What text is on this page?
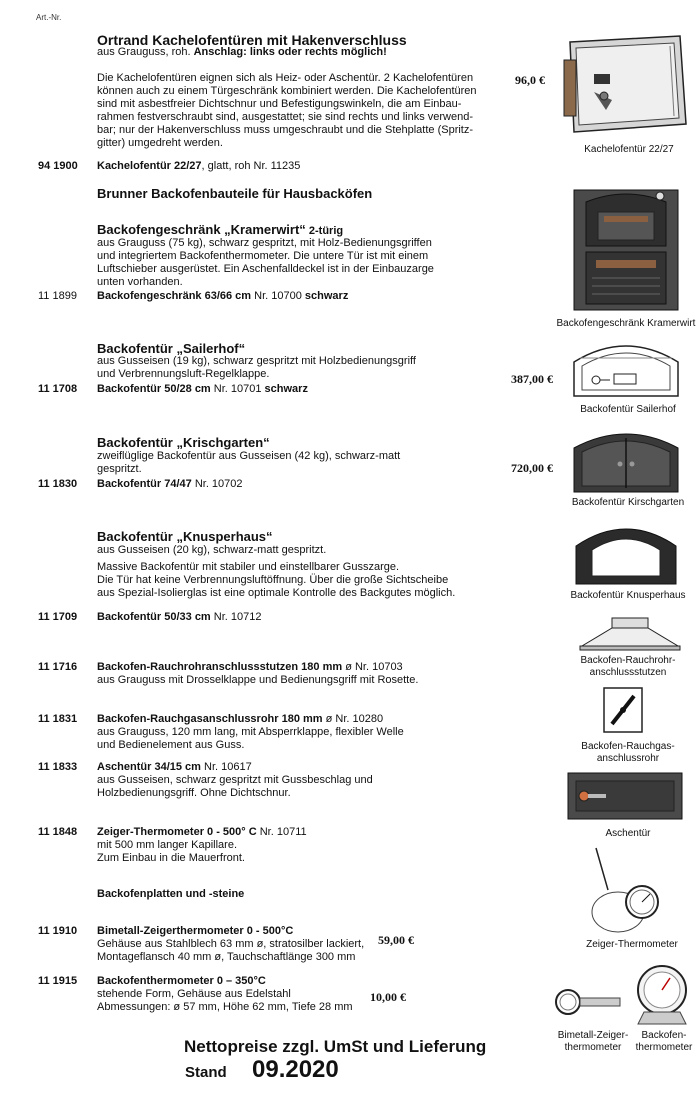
Art.-Nr.
Ortrand Kachelofentüren mit Hakenverschluss
aus Grauguss, roh. Anschlag: links oder rechts möglich!
Die Kachelofentüren eignen sich als Heiz- oder Aschentür. 2 Kachelofentüren
können auch zu einem Türgeschränk kombiniert werden. Die Kachelofentüren
sind mit asbestfreier Dichtschnur und Befestigungswinkeln, die am Einbau-
rahmen festverschraubt sind, ausgestattet; sie sind rechts und links verwend-
bar; nur der Hakenverschluss muss umgeschraubt und die Stehplatte (Spritz-
gitter) umgedreht werden.
96,0 €
Kachelofentür 22/27
94 1900 Kachelofentür 22/27, glatt, roh Nr. 11235
Brunner Backofenbauteile für Hausbacköfen
Backofengeschränk „Kramerwirt“ 2-türig
aus Grauguss (75 kg), schwarz gespritzt, mit Holz-Bedienungsgriffen
und integriertem Backofenthermometer. Die untere Tür ist mit einem
Luftschieber ausgerüstet. Ein Aschenfalldeckel ist in der Einbauzarge
unten vorhanden.
11 1899 Backofengeschränk 63/66 cm Nr. 10700 schwarz
Backofengeschränk Kramerwirt
Backofentür „Sailerhof“
aus Gusseisen (19 kg), schwarz gespritzt mit Holzbedienungsgriff
und Verbrennungsluft-Regelklappe.
11 1708 Backofentür 50/28 cm Nr. 10701 schwarz
387,00 €
Backofentür Sailerhof
Backofentür „Krischgarten“
zweiflüglige Backofentür aus Gusseisen (42 kg), schwarz-matt
gespritzt.
11 1830 Backofentür 74/47 Nr. 10702
720,00 €
Backofentür Kirschgarten
Backofentür „Knusperhaus“
aus Gusseisen (20 kg), schwarz-matt gespritzt.
Massive Backofentür mit stabiler und einstellbarer Gusszarge.
Die Tür hat keine Verbrennungsluftöffnung. Über die große Sichtscheibe
aus Spezial-Isolierglas ist eine optimale Kontrolle des Backgutes möglich.
11 1709 Backofentür 50/33 cm Nr. 10712
Backofentür Knusperhaus
11 1716 Backofen-Rauchrohranschlussstutzen 180 mm ø Nr. 10703
aus Grauguss mit Drosselklappe und Bedienungsgriff mit Rosette.
Backofen-Rauchrohr-
anschlussstutzen
11 1831 Backofen-Rauchgasanschlussrohr 180 mm ø Nr. 10280
aus Grauguss, 120 mm lang, mit Absperrklappe, flexibler Welle
und Bedienelement aus Guss.	Backofen-Rauchgas-
anschlussrohr
11 1833 Aschentür 34/15 cm Nr. 10617
aus Gusseisen, schwarz gespritzt mit Gussbeschlag und
Holzbedienungsgriff. Ohne Dichtschnur.
Aschentür
11 1848 Zeiger-Thermometer 0 - 500° C Nr. 10711
mit 500 mm langer Kapillare.
Zum Einbau in die Mauerfront.
Zeiger-Thermometer
Backofenplatten und -steine
11 1910 Bimetall-Zeigerthermometer 0 - 500°C
Gehäuse aus Stahlblech 63 mm ø, stratosilber lackiert,
Montageflansch 40 mm ø, Tauchschaftlänge 300 mm
59,00 €
11 1915 Backofenthermometer 0 – 350°C
stehende Form, Gehäuse aus Edelstahl
Abmessungen: ø 57 mm, Höhe 62 mm, Tiefe 28 mm
10,00 €
Bimetall-Zeiger-
thermometer
Backofen-
thermometer
Nettopreise zzgl. UmSt und Lieferung
Stand 09.2020
